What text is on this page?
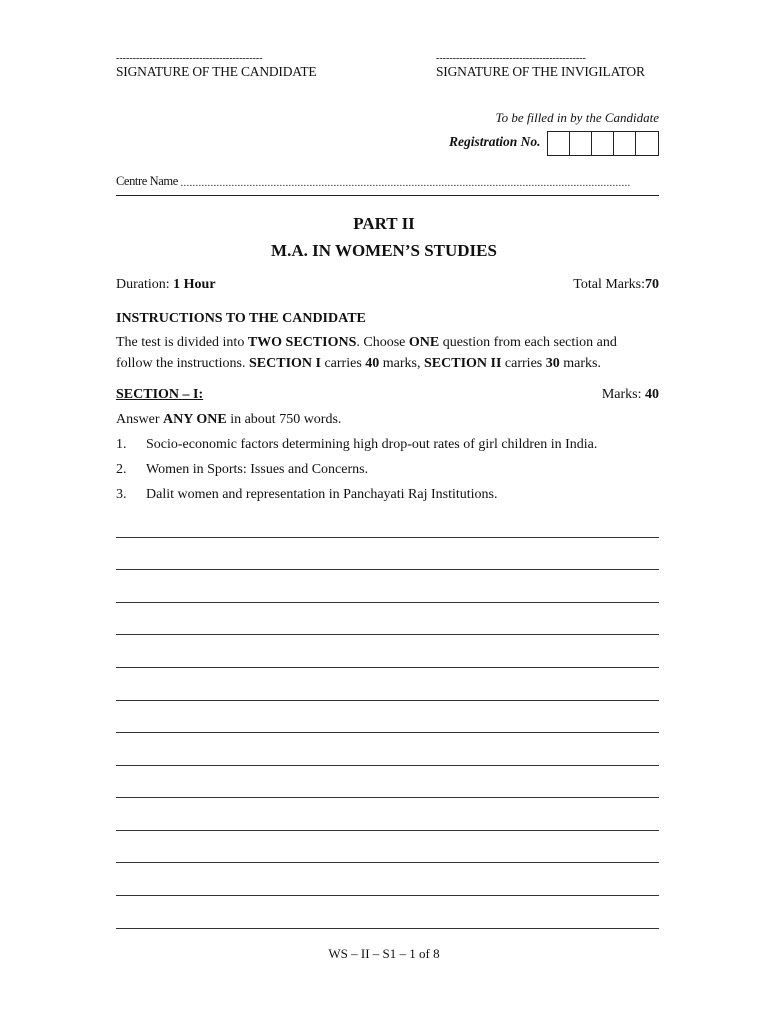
--------------------------------------------	---------------------------------------------
SIGNATURE OF THE CANDIDATE	SIGNATURE OF THE INVIGILATOR
To be filled in by the Candidate
Registration No.
Centre Name ......................................................................................................................................................
PART II
M.A. IN WOMEN’S STUDIES
Duration: 1 Hour	Total Marks:70
INSTRUCTIONS TO THE CANDIDATE
The test is divided into TWO SECTIONS. Choose ONE question from each section and
follow the instructions. SECTION I carries 40 marks, SECTION II carries 30 marks.
SECTION – I:	Marks: 40
Answer ANY ONE in about 750 words.
1. Socio-economic factors determining high drop-out rates of girl children in India.
2. Women in Sports: Issues and Concerns.
3. Dalit women and representation in Panchayati Raj Institutions.
WS – II – S1 – 1 of 8
